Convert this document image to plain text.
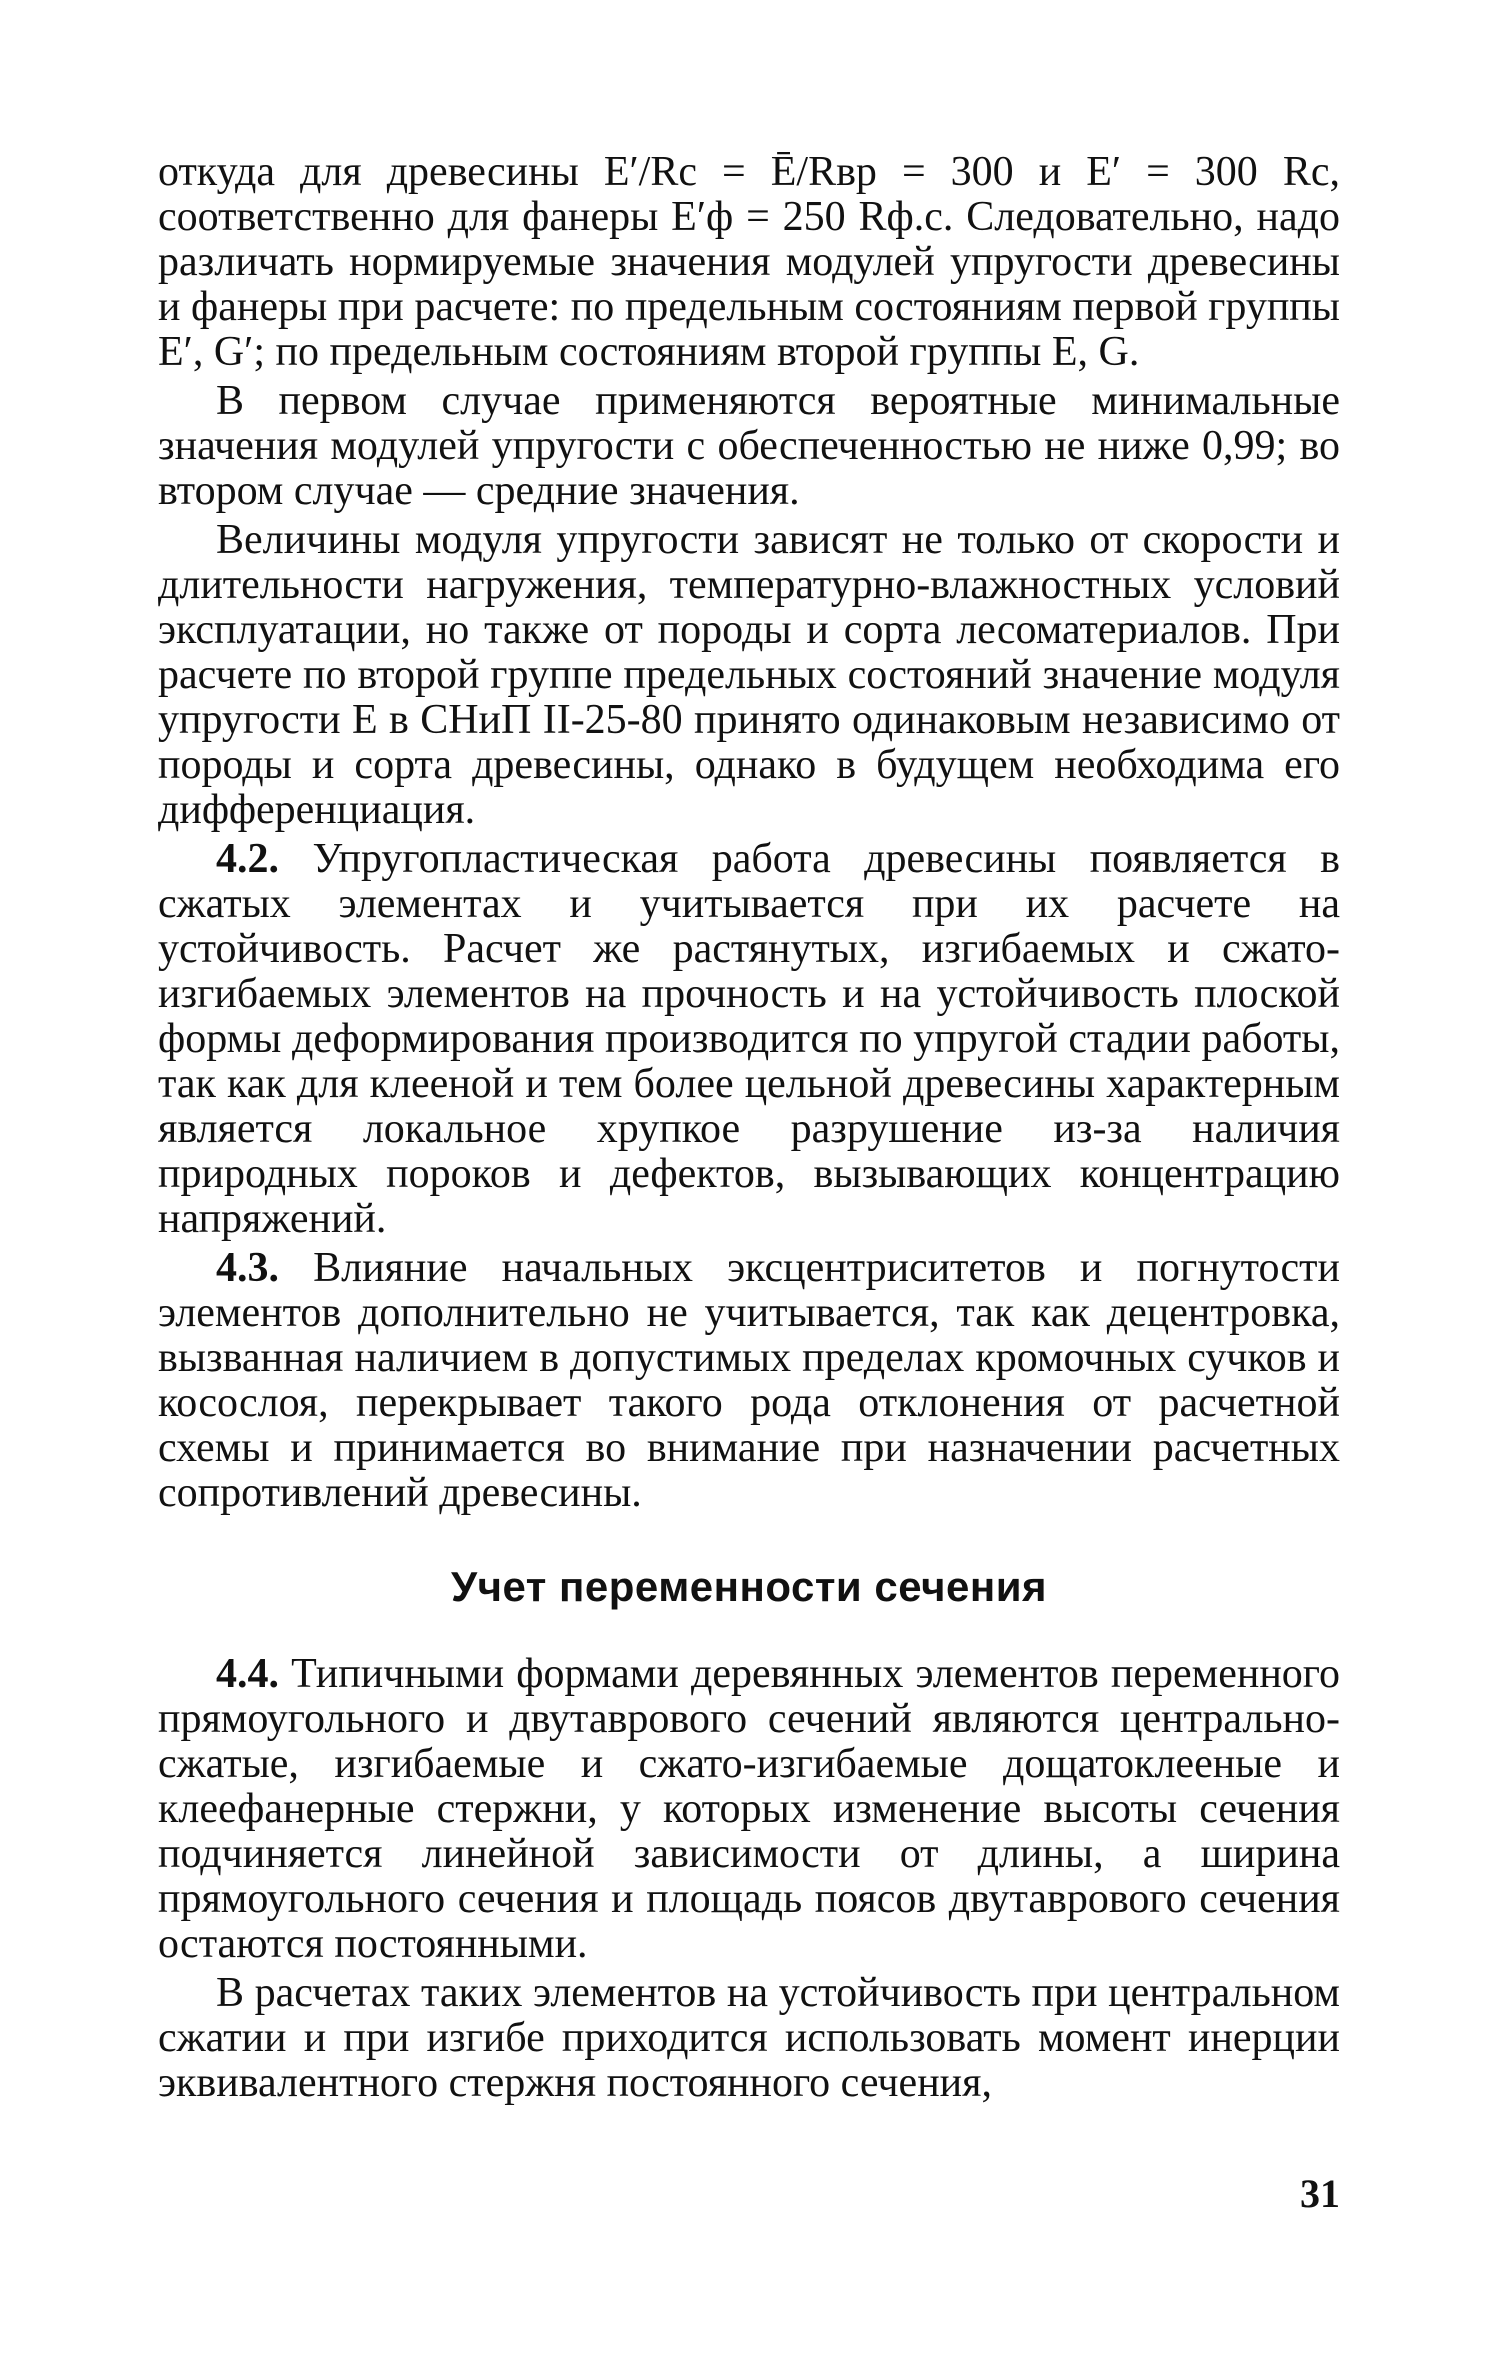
откуда для древесины E′/Rс = Ē/Rвр = 300 и E′ = 300 Rс, соответственно для фанеры E′ф = 250 Rф.с. Следовательно, надо различать нормируемые значения модулей упругости древесины и фанеры при расчете: по предельным состояниям первой группы E′, G′; по предельным состояниям второй группы E, G.

В первом случае применяются вероятные минимальные значения модулей упругости с обеспеченностью не ниже 0,99; во втором случае — средние значения.

Величины модуля упругости зависят не только от скорости и длительности нагружения, температурно-влажностных условий эксплуатации, но также от породы и сорта лесоматериалов. При расчете по второй группе предельных состояний значение модуля упругости E в СНиП II-25-80 принято одинаковым независимо от породы и сорта древесины, однако в будущем необходима его дифференциация.

4.2. Упругопластическая работа древесины появляется в сжатых элементах и учитывается при их расчете на устойчивость. Расчет же растянутых, изгибаемых и сжато-изгибаемых элементов на прочность и на устойчивость плоской формы деформирования производится по упругой стадии работы, так как для клееной и тем более цельной древесины характерным является локальное хрупкое разрушение из-за наличия природных пороков и дефектов, вызывающих концентрацию напряжений.

4.3. Влияние начальных эксцентриситетов и погнутости элементов дополнительно не учитывается, так как децентровка, вызванная наличием в допустимых пределах кромочных сучков и косослоя, перекрывает такого рода отклонения от расчетной схемы и принимается во внимание при назначении расчетных сопротивлений древесины.

Учет переменности сечения

4.4. Типичными формами деревянных элементов переменного прямоугольного и двутаврового сечений являются центрально-сжатые, изгибаемые и сжато-изгибаемые дощатоклееные и клеефанерные стержни, у которых изменение высоты сечения подчиняется линейной зависимости от длины, а ширина прямоугольного сечения и площадь поясов двутаврового сечения остаются постоянными.

В расчетах таких элементов на устойчивость при центральном сжатии и при изгибе приходится использовать момент инерции эквивалентного стержня постоянного сечения,

31
